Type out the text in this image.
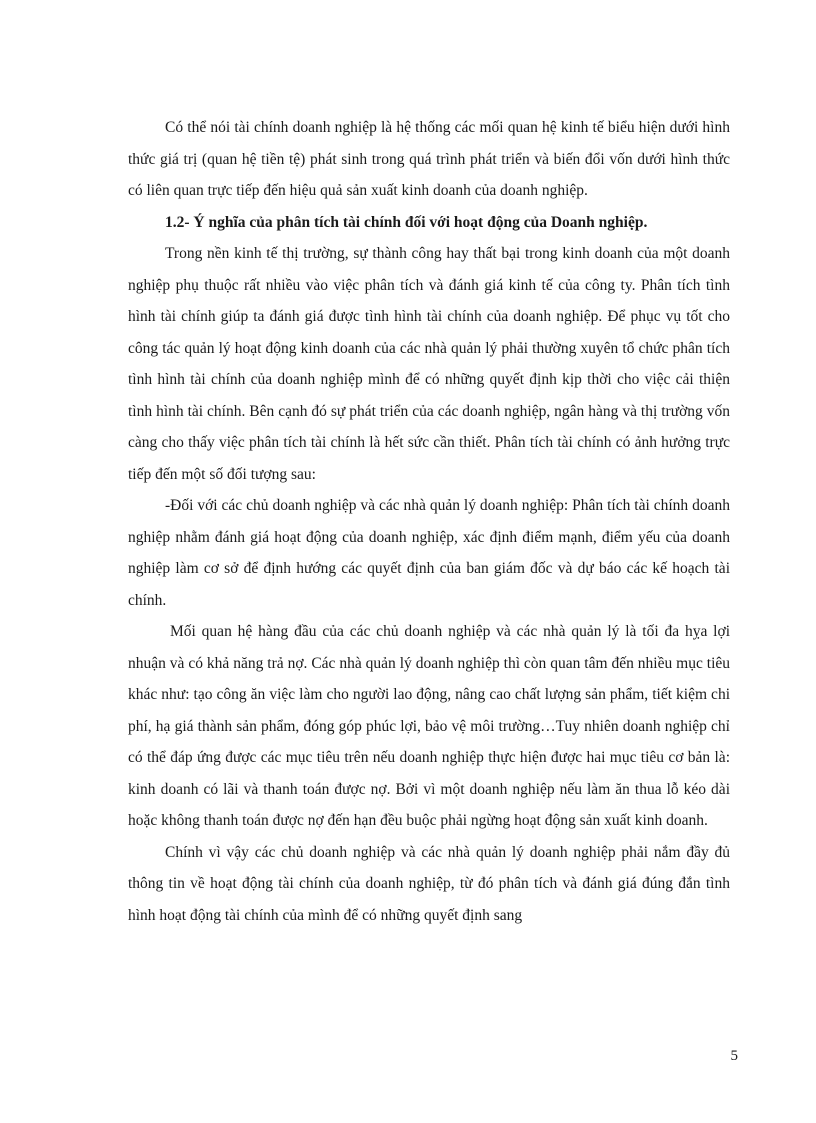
Có thể nói tài chính doanh nghiệp là hệ thống các mối quan hệ kinh tế biểu hiện dưới hình thức giá trị (quan hệ tiền tệ) phát sinh trong quá trình phát triển và biến đổi vốn dưới hình thức có liên quan trực tiếp đến hiệu quả sản xuất kinh doanh của doanh nghiệp.

1.2- Ý nghĩa của phân tích tài chính đối với hoạt động của Doanh nghiệp.

Trong nền kinh tế thị trường, sự thành công hay thất bại trong kinh doanh của một doanh nghiệp phụ thuộc rất nhiều vào việc phân tích và đánh giá kinh tế của công ty. Phân tích tình hình tài chính giúp ta đánh giá được tình hình tài chính của doanh nghiệp. Để phục vụ tốt cho công tác quản lý hoạt động kinh doanh của các nhà quản lý phải thường xuyên tổ chức phân tích tình hình tài chính của doanh nghiệp mình để có những quyết định kịp thời cho việc cải thiện tình hình tài chính. Bên cạnh đó sự phát triển của các doanh nghiệp, ngân hàng và thị trường vốn càng cho thấy việc phân tích tài chính là hết sức cần thiết. Phân tích tài chính có ảnh hưởng trực tiếp đến một số đối tượng sau:

-Đối với các chủ doanh nghiệp và các nhà quản lý doanh nghiệp: Phân tích tài chính doanh nghiệp nhằm đánh giá hoạt động của doanh nghiệp, xác định điểm mạnh, điểm yếu của doanh nghiệp làm cơ sở để định hướng các quyết định của ban giám đốc và dự báo các kế hoạch tài chính.

Mối quan hệ hàng đầu của các chủ doanh nghiệp và các nhà quản lý là tối đa hỵa lợi nhuận và có khả năng trả nợ. Các nhà quản lý doanh nghiệp thì còn quan tâm đến nhiều mục tiêu khác như: tạo công ăn việc làm cho người lao động, nâng cao chất lượng sản phẩm, tiết kiệm chi phí, hạ giá thành sản phẩm, đóng góp phúc lợi, bảo vệ môi trường…Tuy nhiên doanh nghiệp chỉ có thể đáp ứng được các mục tiêu trên nếu doanh nghiệp thực hiện được hai mục tiêu cơ bản là: kinh doanh có lãi và thanh toán được nợ. Bởi vì một doanh nghiệp nếu làm ăn thua lỗ kéo dài hoặc không thanh toán được nợ đến hạn đều buộc phải ngừng hoạt động sản xuất kinh doanh.

Chính vì vậy các chủ doanh nghiệp và các nhà quản lý doanh nghiệp phải nắm đầy đủ thông tin về hoạt động tài chính của doanh nghiệp, từ đó phân tích và đánh giá đúng đắn tình hình hoạt động tài chính của mình để có những quyết định sang

5
